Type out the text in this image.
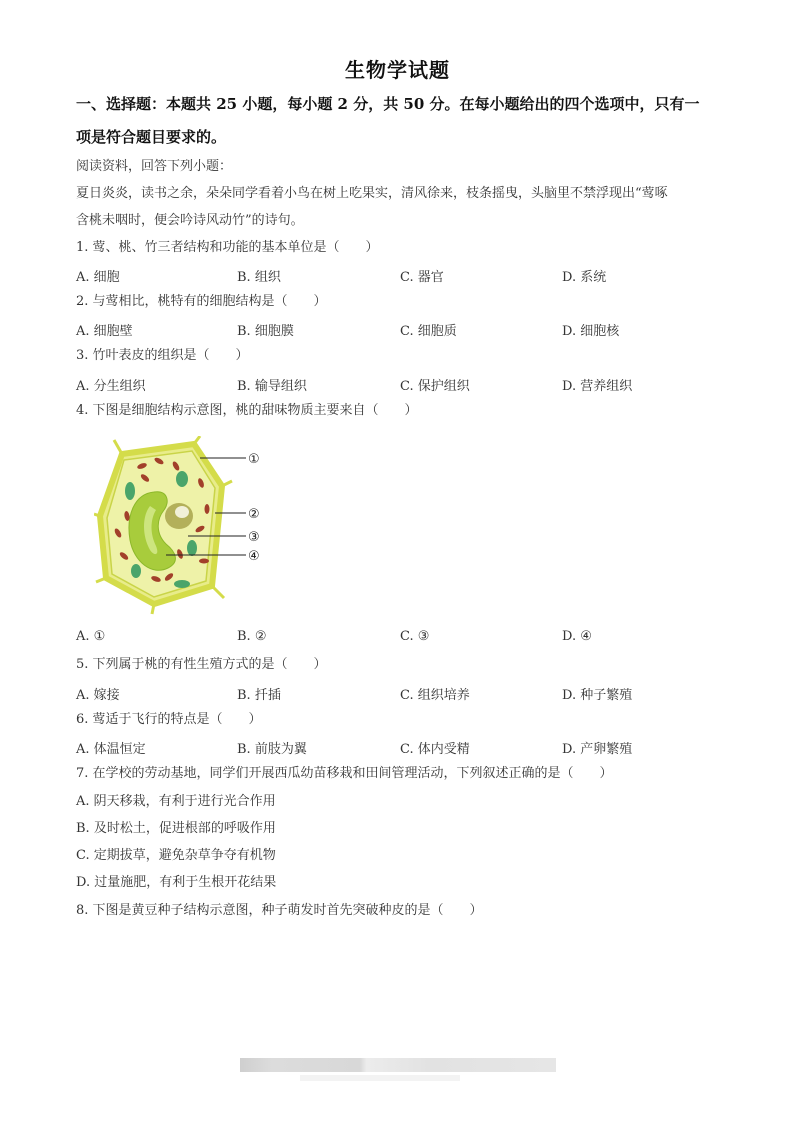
生物学试题
一、选择题：本题共 25 小题，每小题 2 分，共 50 分。在每小题给出的四个选项中，只有一
项是符合题目要求的。
阅读资料，回答下列小题：
夏日炎炎，读书之余，朵朵同学看着小鸟在树上吃果实，清风徐来，枝条摇曳，头脑里不禁浮现出“莺啄
含桃未咽时，便会吟诗风动竹”的诗句。
1. 莺、桃、竹三者结构和功能的基本单位是（　　）
A. 细胞	B. 组织	C. 器官	D. 系统
2. 与莺相比，桃特有的细胞结构是（　　）
A. 细胞壁	B. 细胞膜	C. 细胞质	D. 细胞核
3. 竹叶表皮的组织是（　　）
A. 分生组织	B. 输导组织	C. 保护组织	D. 营养组织
4. 下图是细胞结构示意图，桃的甜味物质主要来自（　　）
①
②
③
④
A. ①	B. ②	C. ③	D. ④
5. 下列属于桃的有性生殖方式的是（　　）
A. 嫁接	B. 扦插	C. 组织培养	D. 种子繁殖
6. 莺适于飞行的特点是（　　）
A. 体温恒定	B. 前肢为翼	C. 体内受精	D. 产卵繁殖
7. 在学校的劳动基地，同学们开展西瓜幼苗移栽和田间管理活动，下列叙述正确的是（　　）
A. 阴天移栽，有利于进行光合作用
B. 及时松土，促进根部的呼吸作用
C. 定期拔草，避免杂草争夺有机物
D. 过量施肥，有利于生根开花结果
8. 下图是黄豆种子结构示意图，种子萌发时首先突破种皮的是（　　）
